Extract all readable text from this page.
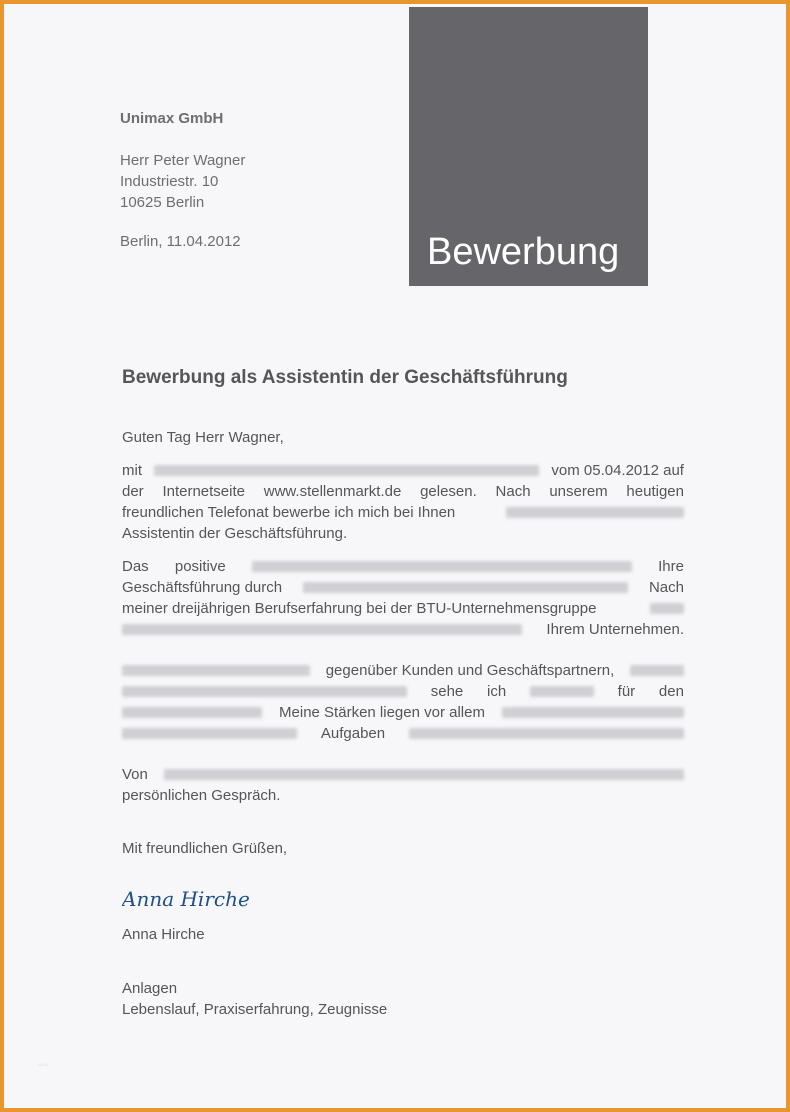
Bewerbung
Unimax GmbH
Herr Peter Wagner
Industriestr. 10
10625 Berlin
Berlin, 11.04.2012
Bewerbung als Assistentin der Geschäftsführung
Guten Tag Herr Wagner,
mit	vom 05.04.2012 auf
der Internetseite www.stellenmarkt.de gelesen. Nach unserem heutigen
freundlichen Telefonat bewerbe ich mich bei Ihnen
Assistentin der Geschäftsführung.
Das positive	Ihre
Geschäftsführung durch	Nach
meiner dreijährigen Berufserfahrung bei der BTU-Unternehmensgruppe
Ihrem Unternehmen.
gegenüber Kunden und Geschäftspartnern,
sehe ich	für den
Meine Stärken liegen vor allem
Aufgaben
Von
persönlichen Gespräch.
Mit freundlichen Grüßen,
Anna Hirche
Anna Hirche
Anlagen
Lebenslauf, Praxiserfahrung, Zeugnisse
◦◦◦
